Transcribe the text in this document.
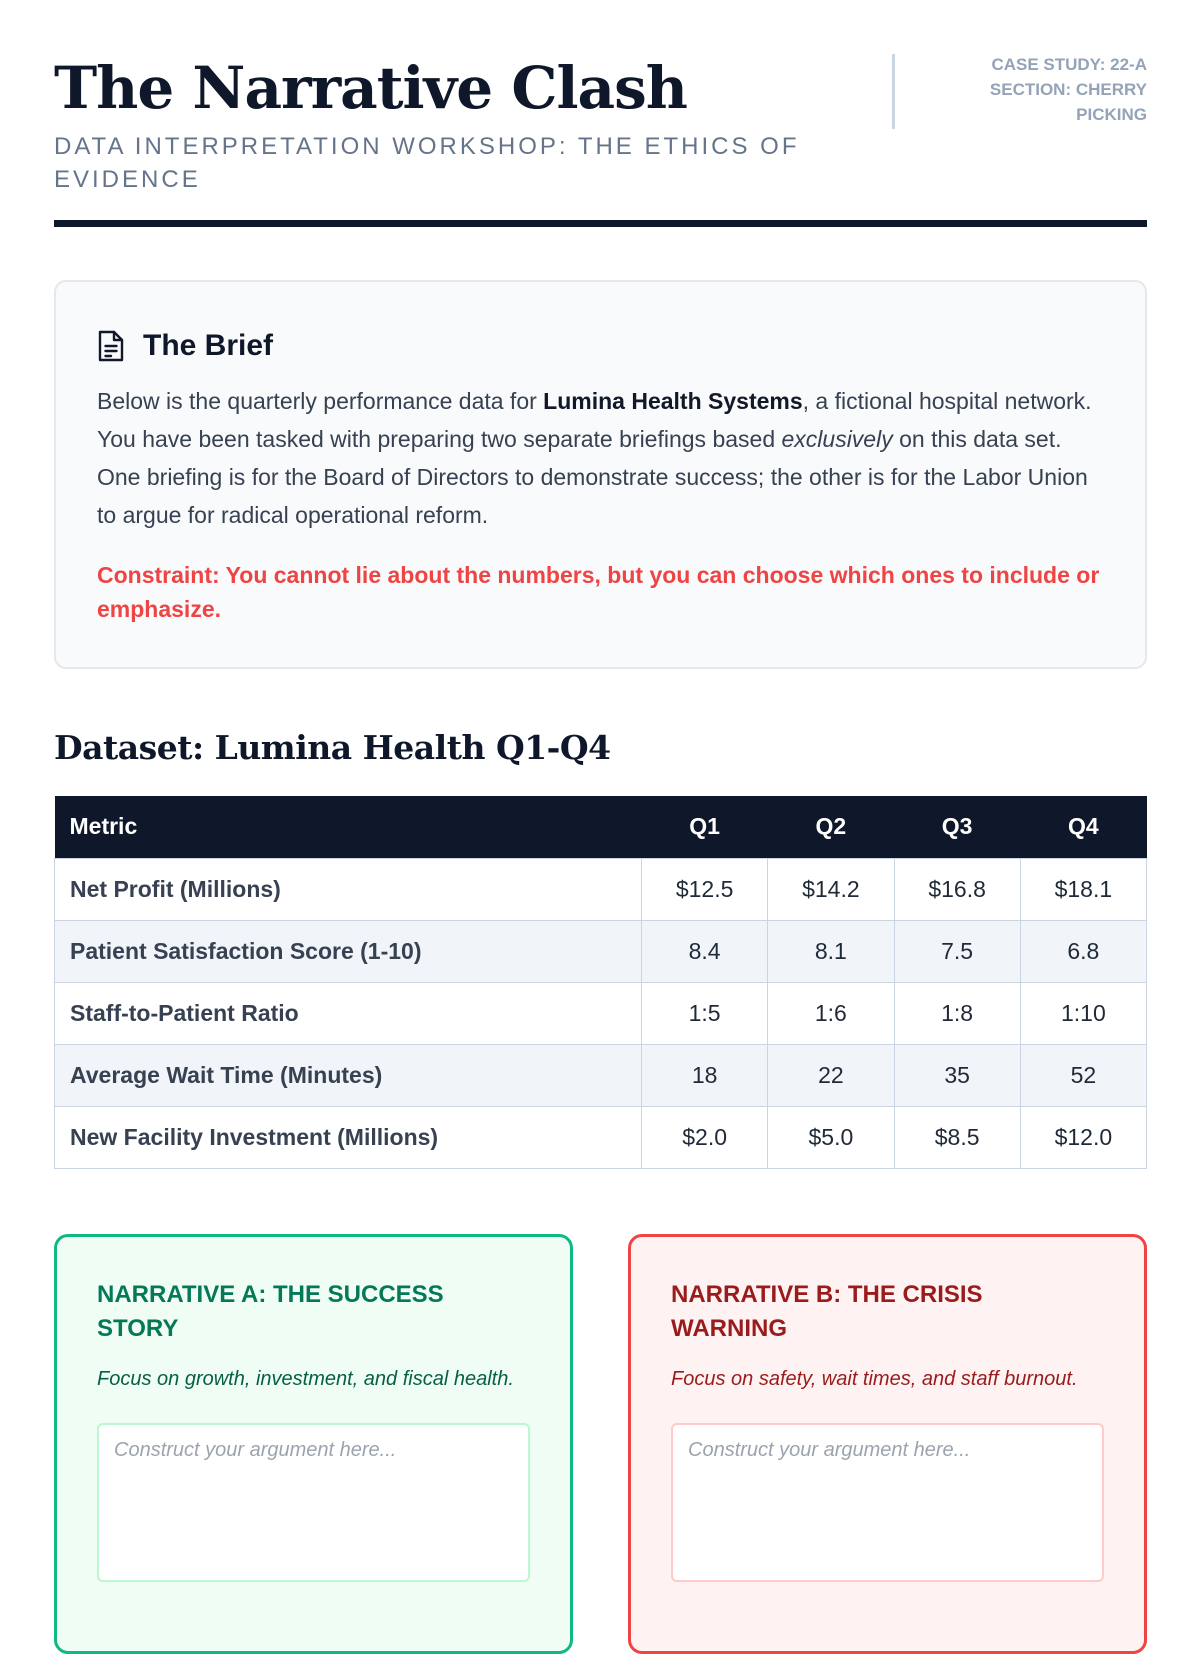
The Narrative Clash
DATA INTERPRETATION WORKSHOP: THE ETHICS OF EVIDENCE
CASE STUDY: 22-A
SECTION: CHERRY PICKING
The Brief

Below is the quarterly performance data for Lumina Health Systems, a fictional hospital network. You have been tasked with preparing two separate briefings based exclusively on this data set. One briefing is for the Board of Directors to demonstrate success; the other is for the Labor Union to argue for radical operational reform.

Constraint: You cannot lie about the numbers, but you can choose which ones to include or emphasize.

Dataset: Lumina Health Q1-Q4
Metric	Q1	Q2	Q3	Q4
Net Profit (Millions)	$12.5	$14.2	$16.8	$18.1
Patient Satisfaction Score (1-10)	8.4	8.1	7.5	6.8
Staff-to-Patient Ratio	1:5	1:6	1:8	1:10
Average Wait Time (Minutes)	18	22	35	52
New Facility Investment (Millions)	$2.0	$5.0	$8.5	$12.0
NARRATIVE A: THE SUCCESS STORY

Focus on growth, investment, and fiscal health.

Construct your argument here...
NARRATIVE B: THE CRISIS WARNING

Focus on safety, wait times, and staff burnout.

Construct your argument here...
